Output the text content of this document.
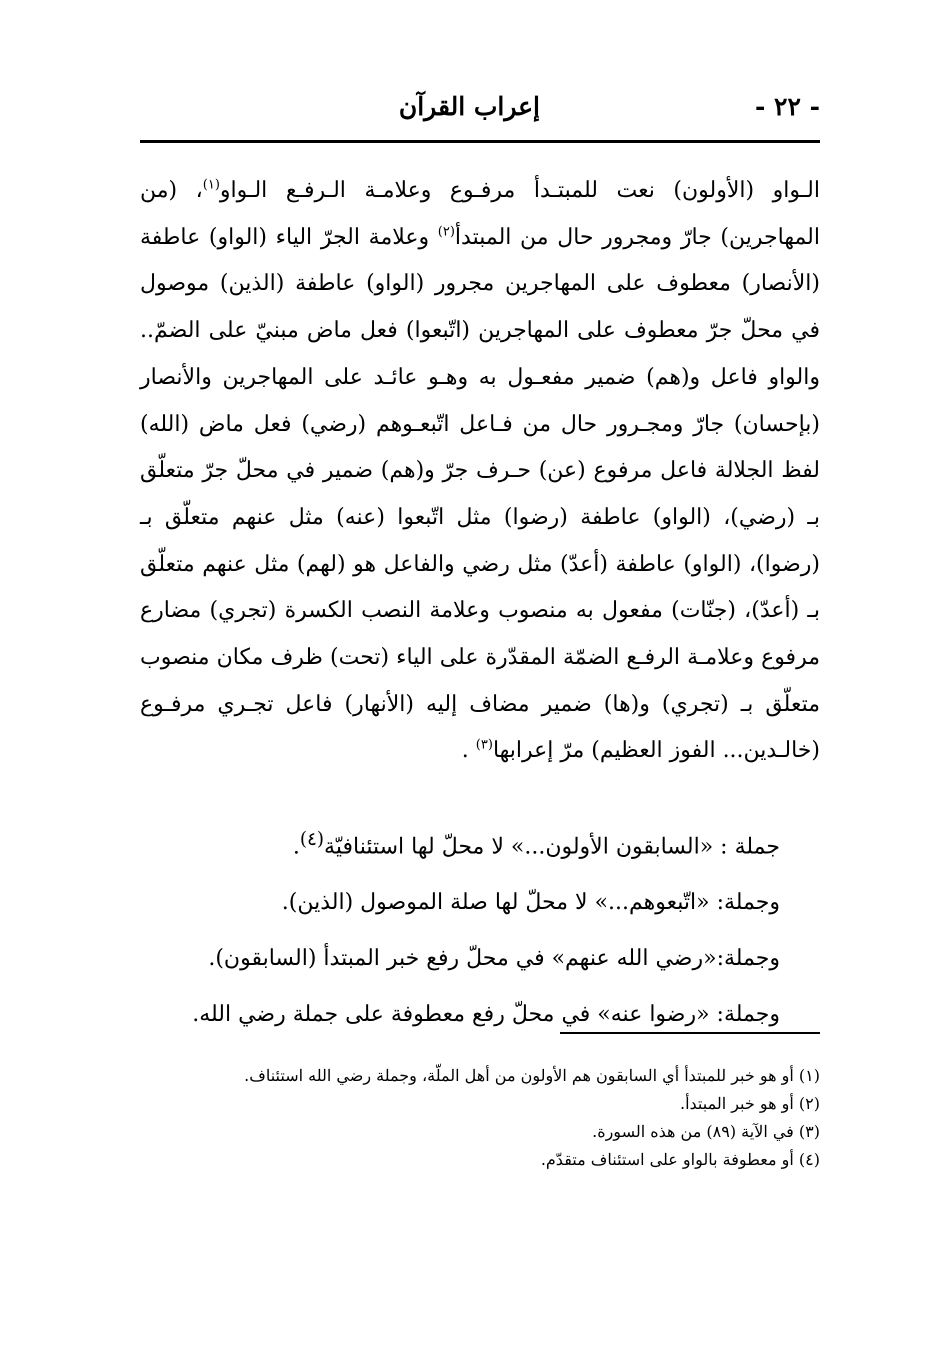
- ٢٢ -
إعراب القرآن

الـواو (الأولون) نعت للمبتـدأ مرفـوع وعلامـة الـرفـع الـواو$^{(١)}$، (من المهاجرين) جارّ ومجرور حال من المبتدأ$^{(٢)}$ وعلامة الجرّ الياء (الواو) عاطفة (الأنصار) معطوف على المهاجرين مجرور (الواو) عاطفة (الذين) موصول في محلّ جرّ معطوف على المهاجرين (اتّبعوا) فعل ماض مبنيّ على الضمّ.. والواو فاعل و(هم) ضمير مفعـول به وهـو عائـد على المهاجرين والأنصار (بإحسان) جارّ ومجـرور حال من فـاعل اتّبعـوهم (رضي) فعل ماض (الله) لفظ الجلالة فاعل مرفوع (عن) حـرف جرّ و(هم) ضمير في محلّ جرّ متعلّق بـ (رضي)، (الواو) عاطفة (رضوا) مثل اتّبعوا (عنه) مثل عنهم متعلّق بـ (رضوا)، (الواو) عاطفة (أعدّ) مثل رضي والفاعل هو (لهم) مثل عنهم متعلّق بـ (أعدّ)، (جنّات) مفعول به منصوب وعلامة النصب الكسرة (تجري) مضارع مرفوع وعلامـة الرفـع الضمّة المقدّرة على الياء (تحت) ظرف مكان منصوب متعلّق بـ (تجري) و(ها) ضمير مضاف إليه (الأنهار) فاعل تجـري مرفـوع (خالـدين... الفوز العظيم) مرّ إعرابها$^{(٣)}$ .

جملة : «السابقون الأولون...» لا محلّ لها استئنافيّة$^{(٤)}$.
وجملة: «اتّبعوهم...» لا محلّ لها صلة الموصول (الذين).
وجملة:«رضي الله عنهم» في محلّ رفع خبر المبتدأ (السابقون).
وجملة: «رضوا عنه» في محلّ رفع معطوفة على جملة رضي الله.
(١) أو هو خبر للمبتدأ أي السابقون هم الأولون من أهل الملّة، وجملة رضي الله استئناف.
(٢) أو هو خبر المبتدأ.
(٣) في الآية (٨٩) من هذه السورة.
(٤) أو معطوفة بالواو على استئناف متقدّم.
